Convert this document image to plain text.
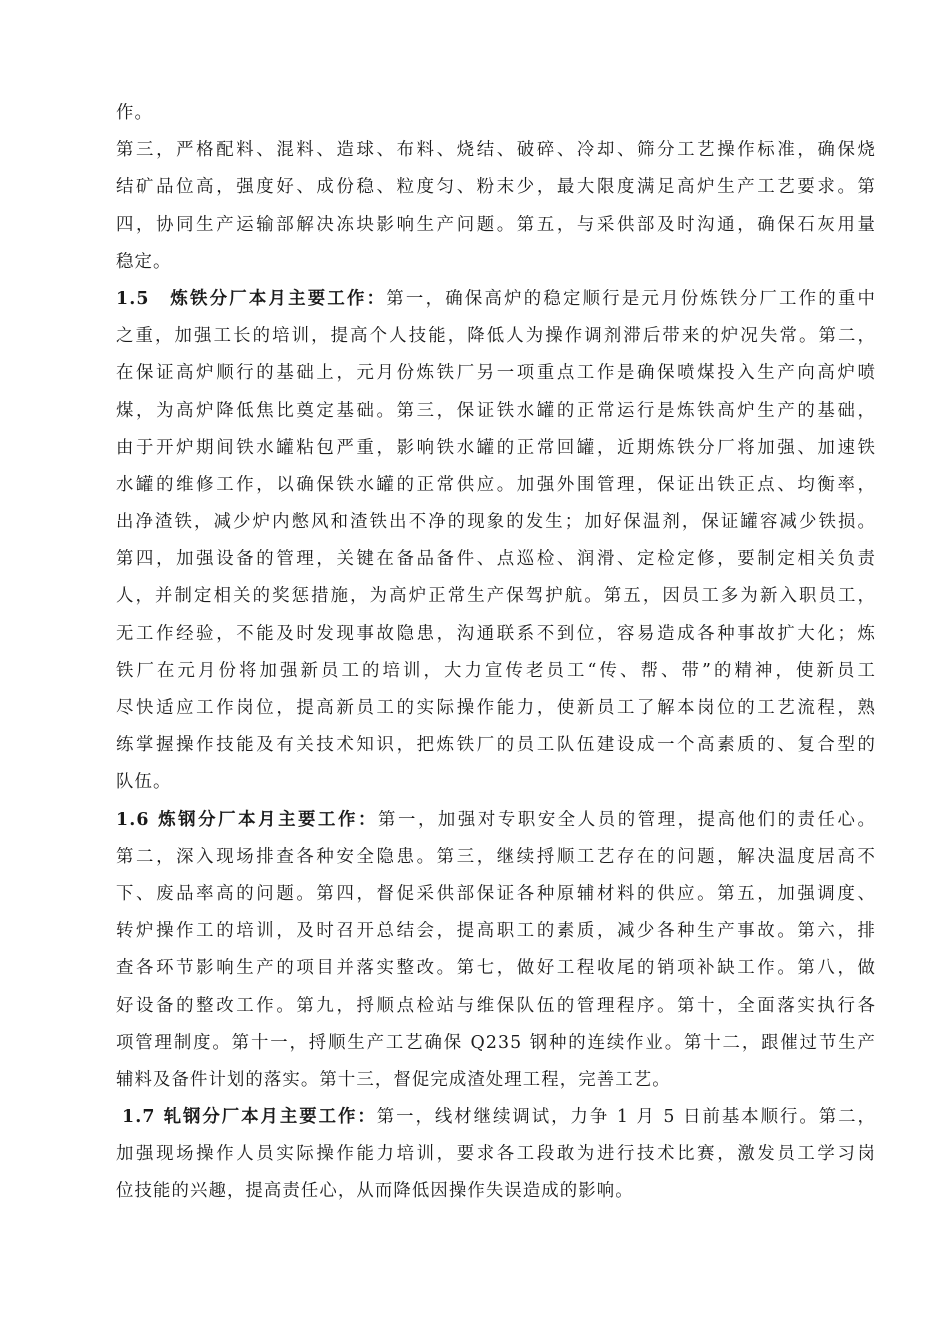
作。
第三，严格配料、混料、造球、布料、烧结、破碎、冷却、筛分工艺操作标准，确保烧
结矿品位高，强度好、成份稳、粒度匀、粉末少，最大限度满足高炉生产工艺要求。第
四，协同生产运输部解决冻块影响生产问题。第五，与采供部及时沟通，确保石灰用量
稳定。
1.5　炼铁分厂本月主要工作：第一，确保高炉的稳定顺行是元月份炼铁分厂工作的重中
之重，加强工长的培训，提高个人技能，降低人为操作调剂滞后带来的炉况失常。第二，
在保证高炉顺行的基础上，元月份炼铁厂另一项重点工作是确保喷煤投入生产向高炉喷
煤，为高炉降低焦比奠定基础。第三，保证铁水罐的正常运行是炼铁高炉生产的基础，
由于开炉期间铁水罐粘包严重，影响铁水罐的正常回罐，近期炼铁分厂将加强、加速铁
水罐的维修工作，以确保铁水罐的正常供应。加强外围管理，保证出铁正点、均衡率，
出净渣铁，减少炉内憋风和渣铁出不净的现象的发生；加好保温剂，保证罐容减少铁损。
第四，加强设备的管理，关键在备品备件、点巡检、润滑、定检定修，要制定相关负责
人，并制定相关的奖惩措施，为高炉正常生产保驾护航。第五，因员工多为新入职员工，
无工作经验，不能及时发现事故隐患，沟通联系不到位，容易造成各种事故扩大化；炼
铁厂在元月份将加强新员工的培训，大力宣传老员工“传、帮、带”的精神，使新员工
尽快适应工作岗位，提高新员工的实际操作能力，使新员工了解本岗位的工艺流程，熟
练掌握操作技能及有关技术知识，把炼铁厂的员工队伍建设成一个高素质的、复合型的
队伍。
1.6 炼钢分厂本月主要工作：第一，加强对专职安全人员的管理，提高他们的责任心。
第二，深入现场排查各种安全隐患。第三，继续捋顺工艺存在的问题，解决温度居高不
下、废品率高的问题。第四，督促采供部保证各种原辅材料的供应。第五，加强调度、
转炉操作工的培训，及时召开总结会，提高职工的素质，减少各种生产事故。第六，排
查各环节影响生产的项目并落实整改。第七，做好工程收尾的销项补缺工作。第八，做
好设备的整改工作。第九，捋顺点检站与维保队伍的管理程序。第十，全面落实执行各
项管理制度。第十一，捋顺生产工艺确保 Q235 钢种的连续作业。第十二，跟催过节生产
辅料及备件计划的落实。第十三，督促完成渣处理工程，完善工艺。
1.7 轧钢分厂本月主要工作：第一，线材继续调试，力争 1 月 5 日前基本顺行。第二，
加强现场操作人员实际操作能力培训，要求各工段敢为进行技术比赛，激发员工学习岗
位技能的兴趣，提高责任心，从而降低因操作失误造成的影响。
